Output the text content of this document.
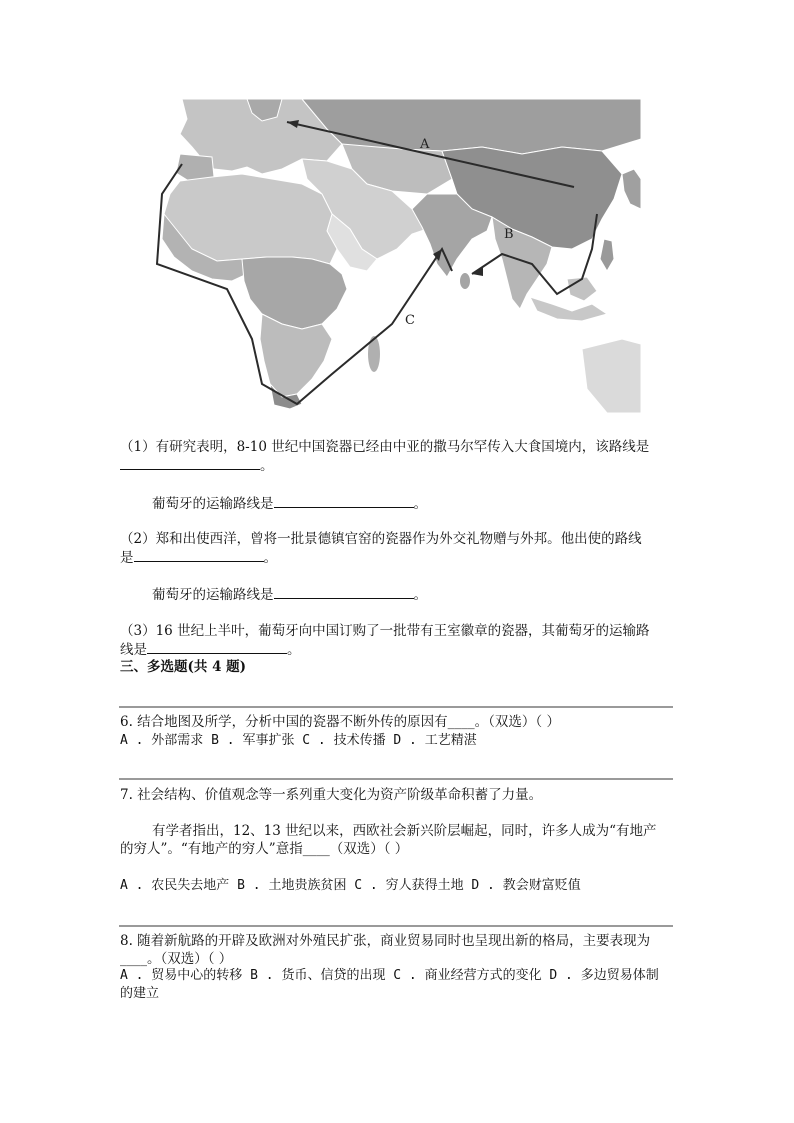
A
B
C
（1）有研究表明，8-10 世纪中国瓷器已经由中亚的撒马尔罕传入大食国境内，该路线是
。
葡萄牙的运输路线是	。
（2）郑和出使西洋，曾将一批景德镇官窑的瓷器作为外交礼物赠与外邦。他出使的路线
是	。
葡萄牙的运输路线是	。
（3）16 世纪上半叶，葡萄牙向中国订购了一批带有王室徽章的瓷器，其葡萄牙的运输路
线是	。
三、多选题(共 4 题)
6. 结合地图及所学，分析中国的瓷器不断外传的原因有____。（双选）（ ）
A . 外部需求 B . 军事扩张 C . 技术传播 D . 工艺精湛
7. 社会结构、价值观念等一系列重大变化为资产阶级革命积蓄了力量。
有学者指出，12、13 世纪以来，西欧社会新兴阶层崛起，同时，许多人成为“有地产
的穷人”。“有地产的穷人”意指____（双选）（ ）
A . 农民失去地产 B . 土地贵族贫困 C . 穷人获得土地 D . 教会财富贬值
8. 随着新航路的开辟及欧洲对外殖民扩张，商业贸易同时也呈现出新的格局，主要表现为
____。（双选）（ ）
A . 贸易中心的转移 B . 货币、信贷的出现 C . 商业经营方式的变化 D . 多边贸易体制
的建立
